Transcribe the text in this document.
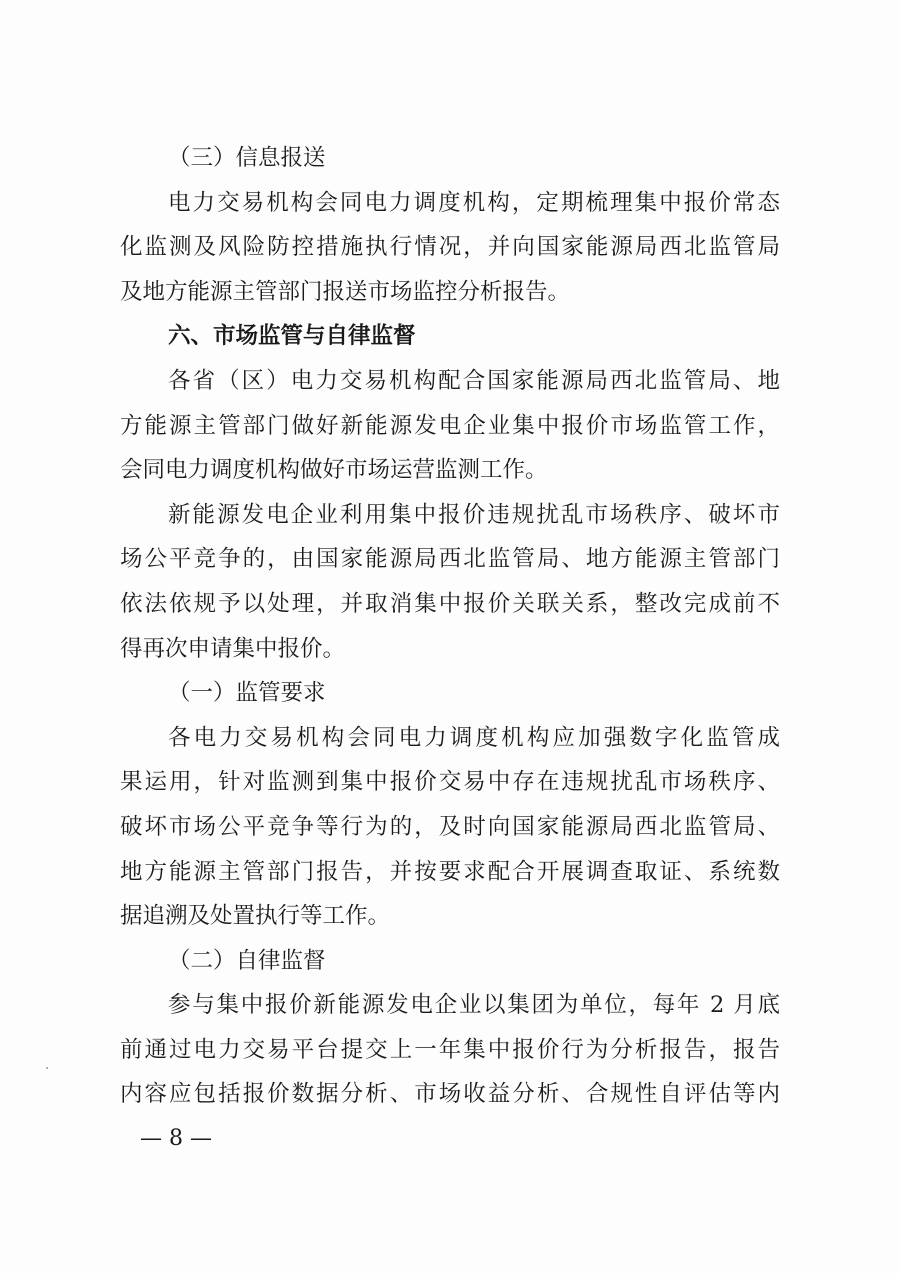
（三）信息报送
电力交易机构会同电力调度机构，定期梳理集中报价常态
化监测及风险防控措施执行情况，并向国家能源局西北监管局
及地方能源主管部门报送市场监控分析报告。
六、市场监管与自律监督
各省（区）电力交易机构配合国家能源局西北监管局、地
方能源主管部门做好新能源发电企业集中报价市场监管工作，
会同电力调度机构做好市场运营监测工作。
新能源发电企业利用集中报价违规扰乱市场秩序、破坏市
场公平竞争的，由国家能源局西北监管局、地方能源主管部门
依法依规予以处理，并取消集中报价关联关系，整改完成前不
得再次申请集中报价。
（一）监管要求
各电力交易机构会同电力调度机构应加强数字化监管成
果运用，针对监测到集中报价交易中存在违规扰乱市场秩序、
破坏市场公平竞争等行为的，及时向国家能源局西北监管局、
地方能源主管部门报告，并按要求配合开展调查取证、系统数
据追溯及处置执行等工作。
（二）自律监督
参与集中报价新能源发电企业以集团为单位，每年 2 月底
前通过电力交易平台提交上一年集中报价行为分析报告，报告
内容应包括报价数据分析、市场收益分析、合规性自评估等内
— 8 —
